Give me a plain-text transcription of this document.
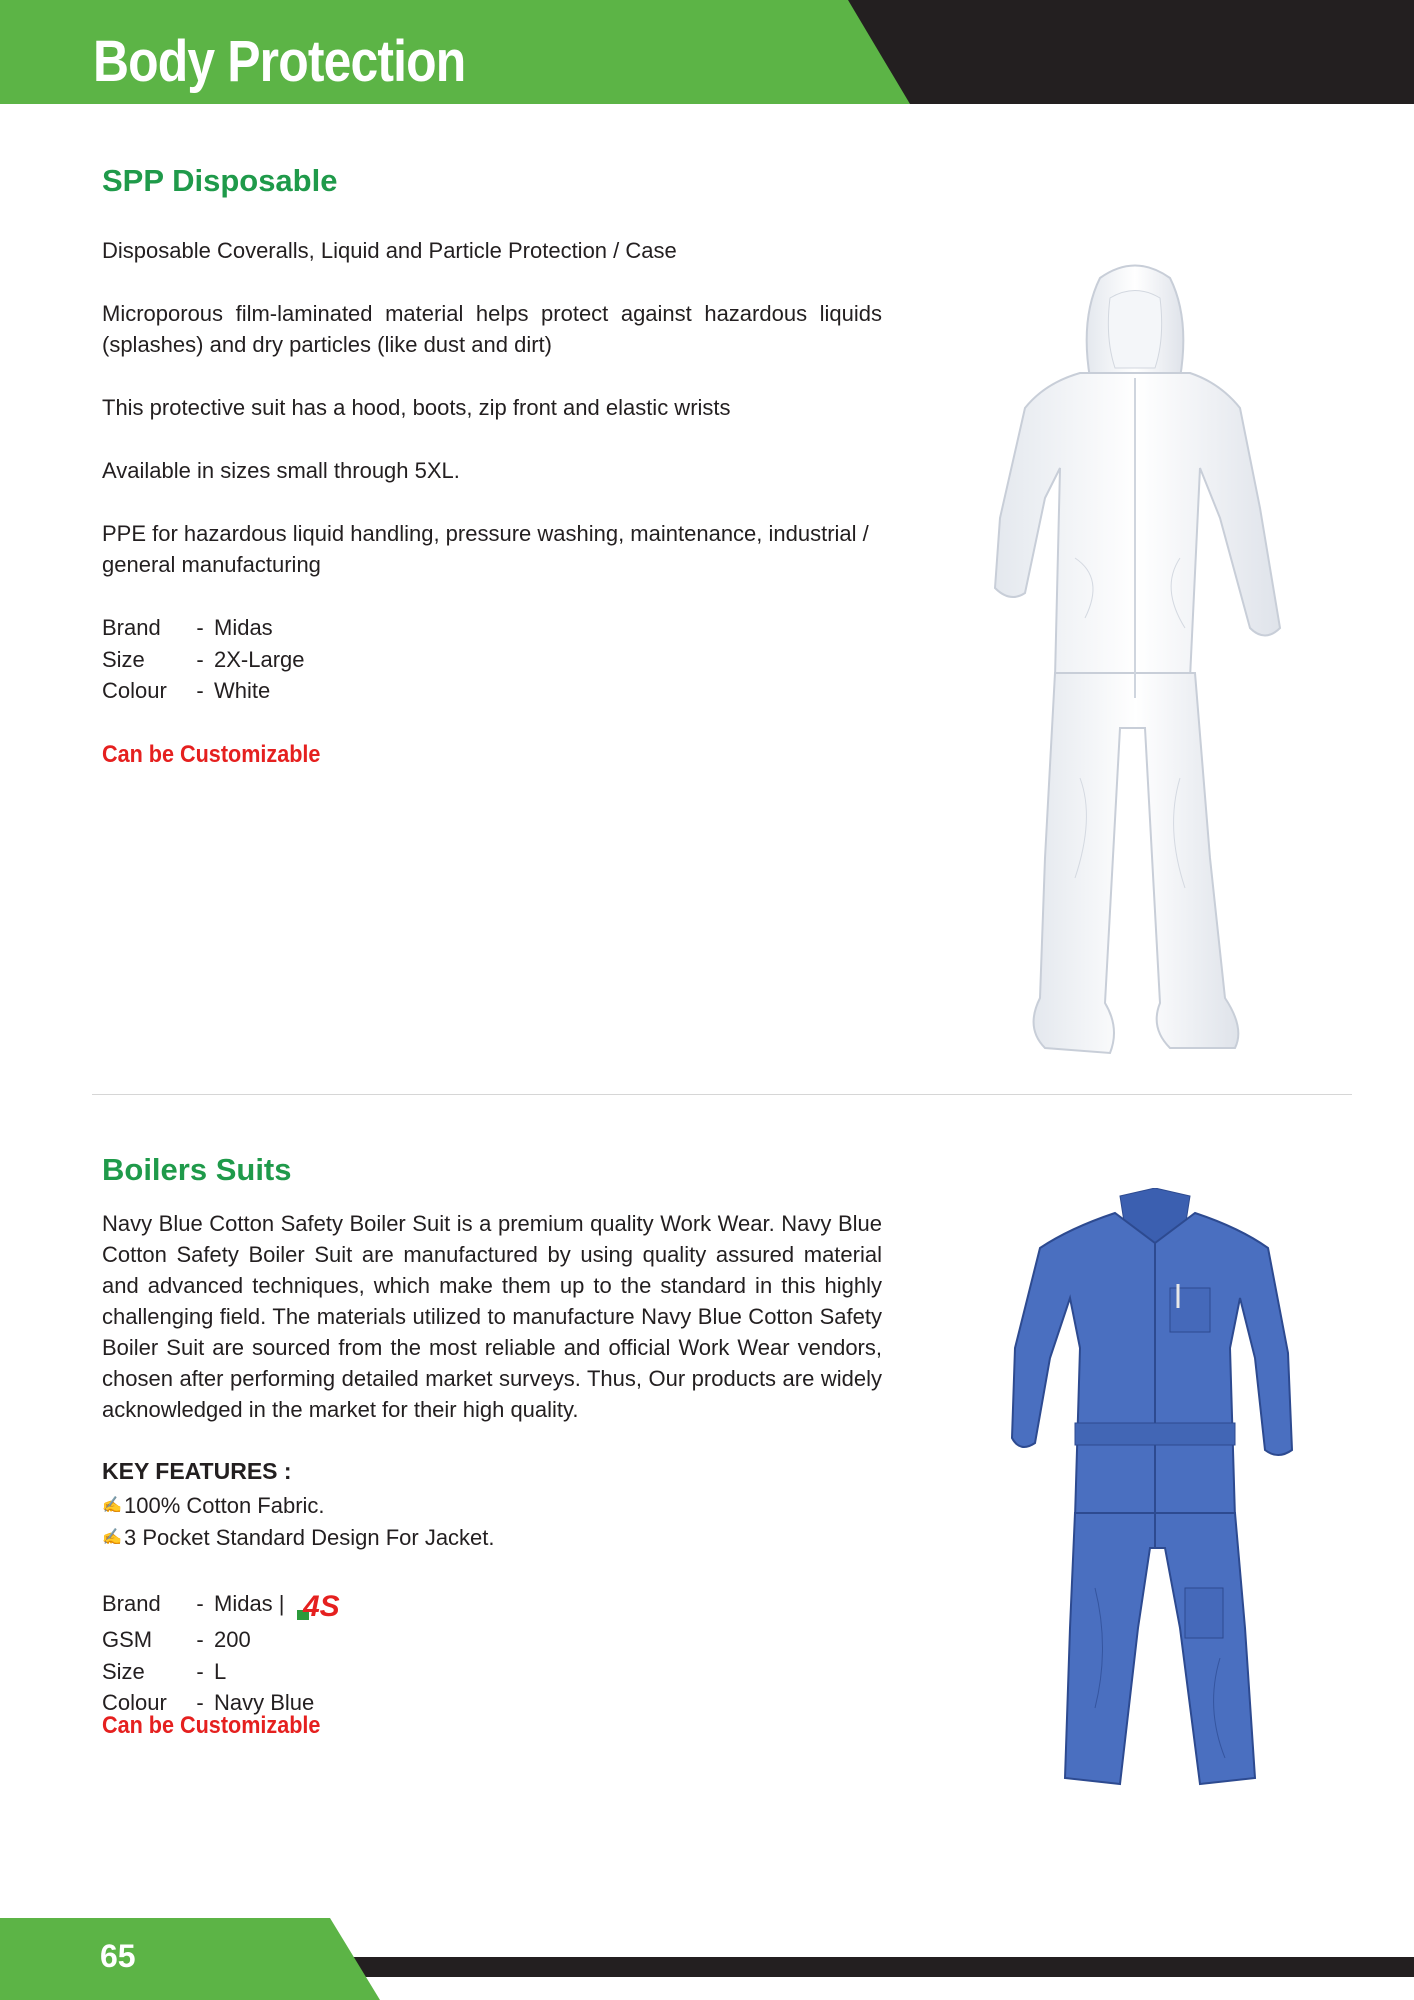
Body Protection
SPP Disposable
Disposable Coveralls, Liquid and Particle Protection / Case
Microporous film-laminated material helps protect against hazardous liquids (splashes) and dry particles (like dust and dirt)
This protective suit has a hood, boots, zip front and elastic wrists
Available in sizes small through 5XL.
PPE for hazardous liquid handling, pressure washing, maintenance, industrial / general manufacturing
Brand	- Midas
Size	- 2X-Large
Colour	- White
Can be Customizable
Boilers Suits
Navy Blue Cotton Safety Boiler Suit is a premium quality Work Wear. Navy Blue Cotton Safety Boiler Suit are manufactured by using quality assured material and advanced techniques, which make them up to the standard in this highly challenging field. The materials utilized to manufacture Navy Blue Cotton Safety Boiler Suit are sourced from the most reliable and official Work Wear vendors, chosen after performing detailed market surveys. Thus, Our products are widely acknowledged in the market for their high quality.
KEY FEATURES :
✍ 100% Cotton Fabric.
✍ 3 Pocket Standard Design For Jacket.
Brand	- Midas | 4S
GSM	- 200
Size	- L
Colour	- Navy Blue
Can be Customizable
65
